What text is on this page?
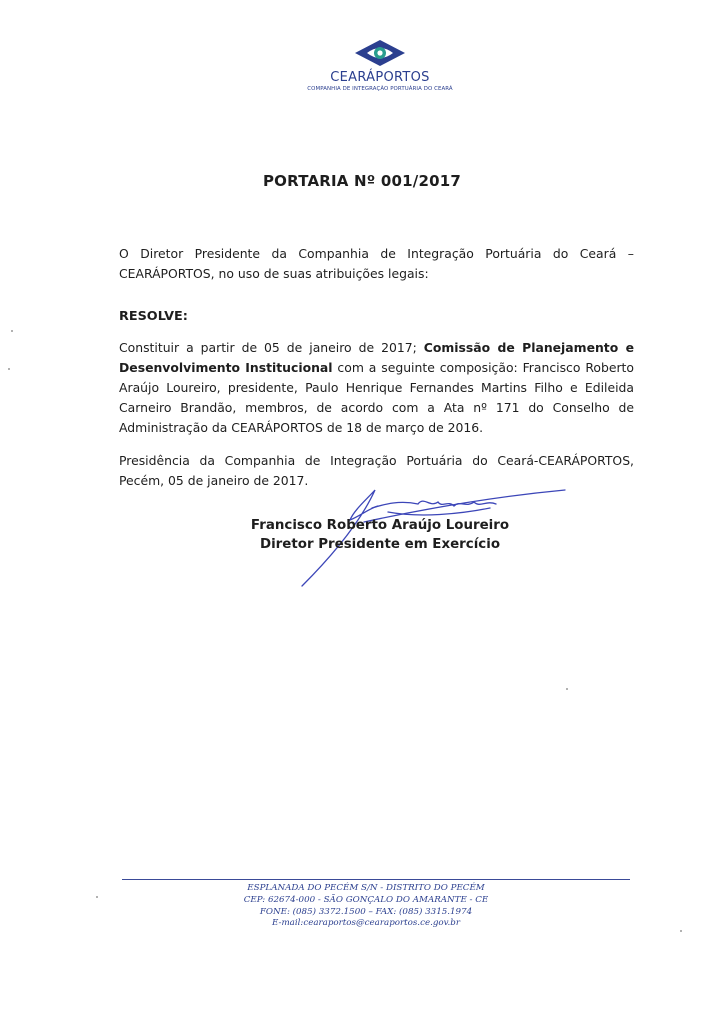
CEARÁPORTOS
COMPANHIA DE INTEGRAÇÃO PORTUÁRIA DO CEARÁ
PORTARIA Nº 001/2017

O Diretor Presidente da Companhia de Integração Portuária do Ceará – CEARÁPORTOS, no uso de suas atribuições legais:

RESOLVE:

Constituir a partir de 05 de janeiro de 2017; Comissão de Planejamento e Desenvolvimento Institucional com a seguinte composição: Francisco Roberto Araújo Loureiro, presidente, Paulo Henrique Fernandes Martins Filho e Edileida Carneiro Brandão, membros, de acordo com a Ata nº 171 do Conselho de Administração da CEARÁPORTOS de 18 de março de 2016.

Presidência da Companhia de Integração Portuária do Ceará-CEARÁPORTOS, Pecém, 05 de janeiro de 2017.

Francisco Roberto Araújo Loureiro
Diretor Presidente em Exercício
ESPLANADA DO PECÉM S/N - DISTRITO DO PECÉM
CEP: 62674-000 - SÃO GONÇALO DO AMARANTE - CE
FONE: (085) 3372.1500 – FAX: (085) 3315.1974
E-mail:cearaportos@cearaportos.ce.gov.br
